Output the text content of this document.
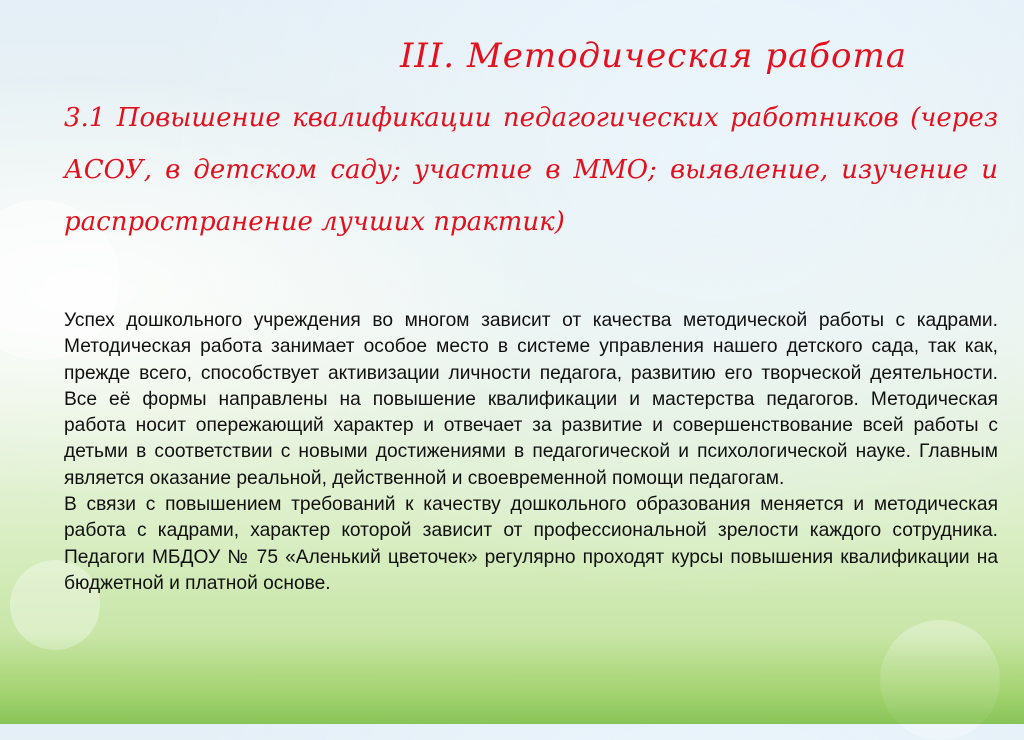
III. Методическая работа
3.1 Повышение квалификации педагогических работников (через АСОУ, в детском саду; участие в ММО; выявление, изучение и распространение лучших практик)

Успех дошкольного учреждения во многом зависит от качества методической работы с кадрами. Методическая работа занимает особое место в системе управления нашего детского сада, так как, прежде всего, способствует активизации личности педагога, развитию его творческой деятельности. Все её формы направлены на повышение квалификации и мастерства педагогов. Методическая работа носит опережающий характер и отвечает за развитие и совершенствование всей работы с детьми в соответствии с новыми достижениями в педагогической и психологической науке. Главным является оказание реальной, действенной и своевременной помощи педагогам.

В связи с повышением требований к качеству дошкольного образования меняется и методическая работа с кадрами, характер которой зависит от профессиональной зрелости каждого сотрудника. Педагоги МБДОУ № 75 «Аленький цветочек» регулярно проходят курсы повышения квалификации на бюджетной и платной основе.
